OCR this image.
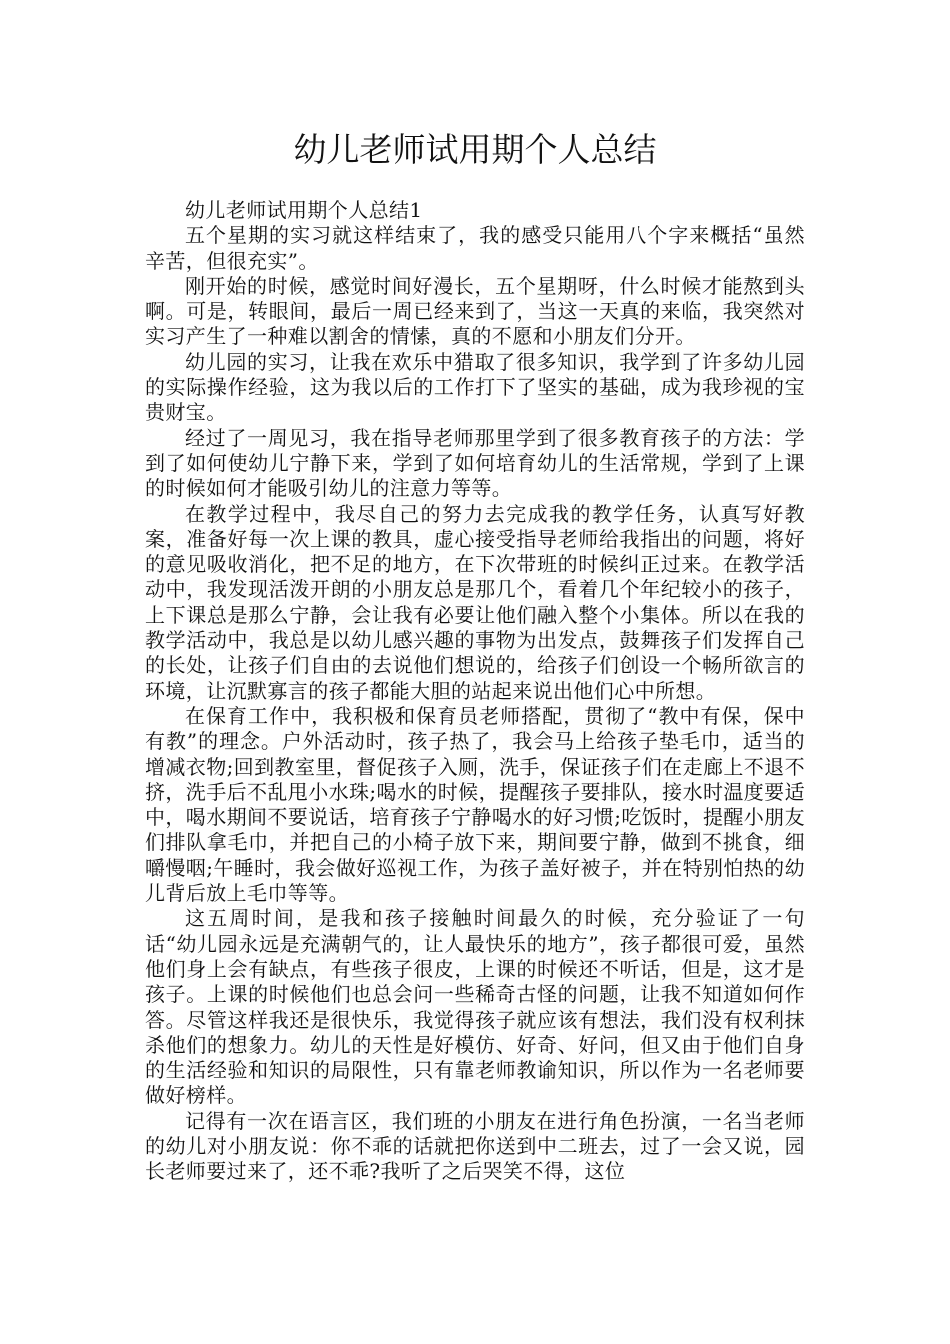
幼儿老师试用期个人总结

幼儿老师试用期个人总结1

五个星期的实习就这样结束了，我的感受只能用八个字来概括“虽然辛苦，但很充实”。

刚开始的时候，感觉时间好漫长，五个星期呀，什么时候才能熬到头啊。可是，转眼间，最后一周已经来到了，当这一天真的来临，我突然对实习产生了一种难以割舍的情愫，真的不愿和小朋友们分开。

幼儿园的实习，让我在欢乐中猎取了很多知识，我学到了许多幼儿园的实际操作经验，这为我以后的工作打下了坚实的基础，成为我珍视的宝贵财宝。

经过了一周见习，我在指导老师那里学到了很多教育孩子的方法：学到了如何使幼儿宁静下来，学到了如何培育幼儿的生活常规，学到了上课的时候如何才能吸引幼儿的注意力等等。

在教学过程中，我尽自己的努力去完成我的教学任务，认真写好教案，准备好每一次上课的教具，虚心接受指导老师给我指出的问题，将好的意见吸收消化，把不足的地方，在下次带班的时候纠正过来。在教学活动中，我发现活泼开朗的小朋友总是那几个，看着几个年纪较小的孩子，上下课总是那么宁静，会让我有必要让他们融入整个小集体。所以在我的教学活动中，我总是以幼儿感兴趣的事物为出发点，鼓舞孩子们发挥自己的长处，让孩子们自由的去说他们想说的，给孩子们创设一个畅所欲言的环境，让沉默寡言的孩子都能大胆的站起来说出他们心中所想。

在保育工作中，我积极和保育员老师搭配，贯彻了“教中有保，保中有教”的理念。户外活动时，孩子热了，我会马上给孩子垫毛巾，适当的增减衣物;回到教室里，督促孩子入厕，洗手，保证孩子们在走廊上不退不挤，洗手后不乱甩小水珠;喝水的时候，提醒孩子要排队，接水时温度要适中，喝水期间不要说话，培育孩子宁静喝水的好习惯;吃饭时，提醒小朋友们排队拿毛巾，并把自己的小椅子放下来，期间要宁静，做到不挑食，细嚼慢咽;午睡时，我会做好巡视工作，为孩子盖好被子，并在特别怕热的幼儿背后放上毛巾等等。

这五周时间，是我和孩子接触时间最久的时候，充分验证了一句话“幼儿园永远是充满朝气的，让人最快乐的地方”，孩子都很可爱，虽然他们身上会有缺点，有些孩子很皮，上课的时候还不听话，但是，这才是孩子。上课的时候他们也总会问一些稀奇古怪的问题，让我不知道如何作答。尽管这样我还是很快乐，我觉得孩子就应该有想法，我们没有权利抹杀他们的想象力。幼儿的天性是好模仿、好奇、好问，但又由于他们自身的生活经验和知识的局限性，只有靠老师教谕知识，所以作为一名老师要做好榜样。

记得有一次在语言区，我们班的小朋友在进行角色扮演，一名当老师的幼儿对小朋友说：你不乖的话就把你送到中二班去，过了一会又说，园长老师要过来了，还不乖?我听了之后哭笑不得，这位
